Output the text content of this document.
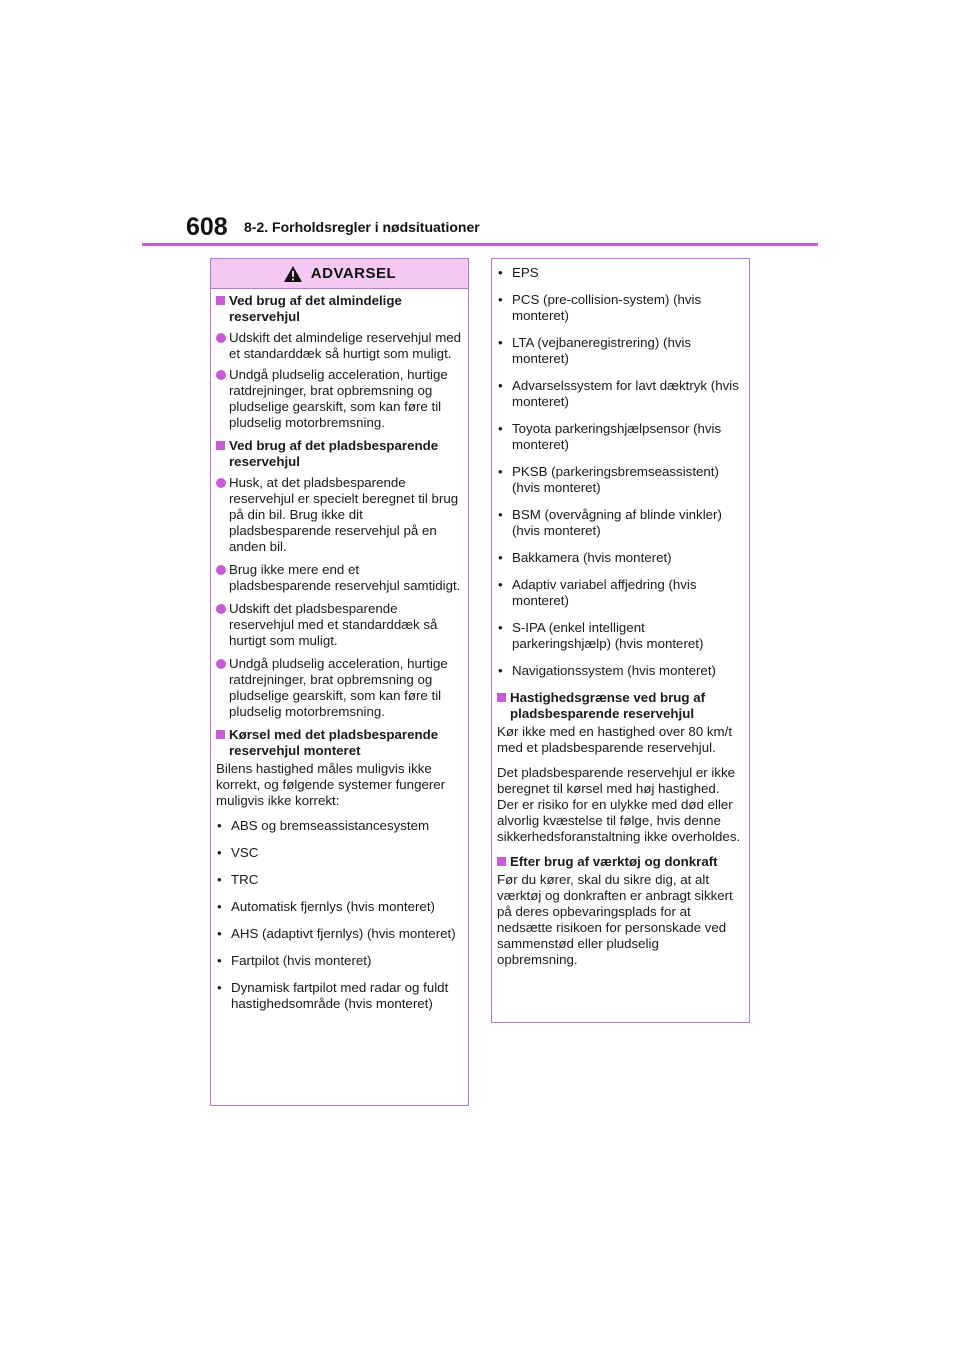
608 8-2. Forholdsregler i nødsituationer
ADVARSEL
Ved brug af det almindelige reservehjul
Udskift det almindelige reservehjul med et standarddæk så hurtigt som muligt.
Undgå pludselig acceleration, hurtige ratdrejninger, brat opbremsning og pludselige gearskift, som kan føre til pludselig motorbremsning.
Ved brug af det pladsbesparende reservehjul
Husk, at det pladsbesparende reservehjul er specielt beregnet til brug på din bil. Brug ikke dit pladsbesparende reservehjul på en anden bil.
Brug ikke mere end et pladsbesparende reservehjul samtidigt.
Udskift det pladsbesparende reservehjul med et standarddæk så hurtigt som muligt.
Undgå pludselig acceleration, hurtige ratdrejninger, brat opbremsning og pludselige gearskift, som kan føre til pludselig motorbremsning.
Kørsel med det pladsbesparende reservehjul monteret
Bilens hastighed måles muligvis ikke korrekt, og følgende systemer fungerer muligvis ikke korrekt:
• ABS og bremseassistancesystem
• VSC
• TRC
• Automatisk fjernlys (hvis monteret)
• AHS (adaptivt fjernlys) (hvis monteret)
• Fartpilot (hvis monteret)
• Dynamisk fartpilot med radar og fuldt hastighedsområde (hvis monteret)
• EPS
• PCS (pre-collision-system) (hvis monteret)
• LTA (vejbaneregistrering) (hvis monteret)
• Advarselssystem for lavt dæktryk (hvis monteret)
• Toyota parkeringshjælpsensor (hvis monteret)
• PKSB (parkeringsbremseassistent) (hvis monteret)
• BSM (overvågning af blinde vinkler) (hvis monteret)
• Bakkamera (hvis monteret)
• Adaptiv variabel affjedring (hvis monteret)
• S-IPA (enkel intelligent parkeringshjælp) (hvis monteret)
• Navigationssystem (hvis monteret)
Hastighedsgrænse ved brug af pladsbesparende reservehjul
Kør ikke med en hastighed over 80 km/t med et pladsbesparende reservehjul.
Det pladsbesparende reservehjul er ikke beregnet til kørsel med høj hastighed. Der er risiko for en ulykke med død eller alvorlig kvæstelse til følge, hvis denne sikkerhedsforanstaltning ikke overholdes.
Efter brug af værktøj og donkraft
Før du kører, skal du sikre dig, at alt værktøj og donkraften er anbragt sikkert på deres opbevaringsplads for at nedsætte risikoen for personskade ved sammenstød eller pludselig opbremsning.
